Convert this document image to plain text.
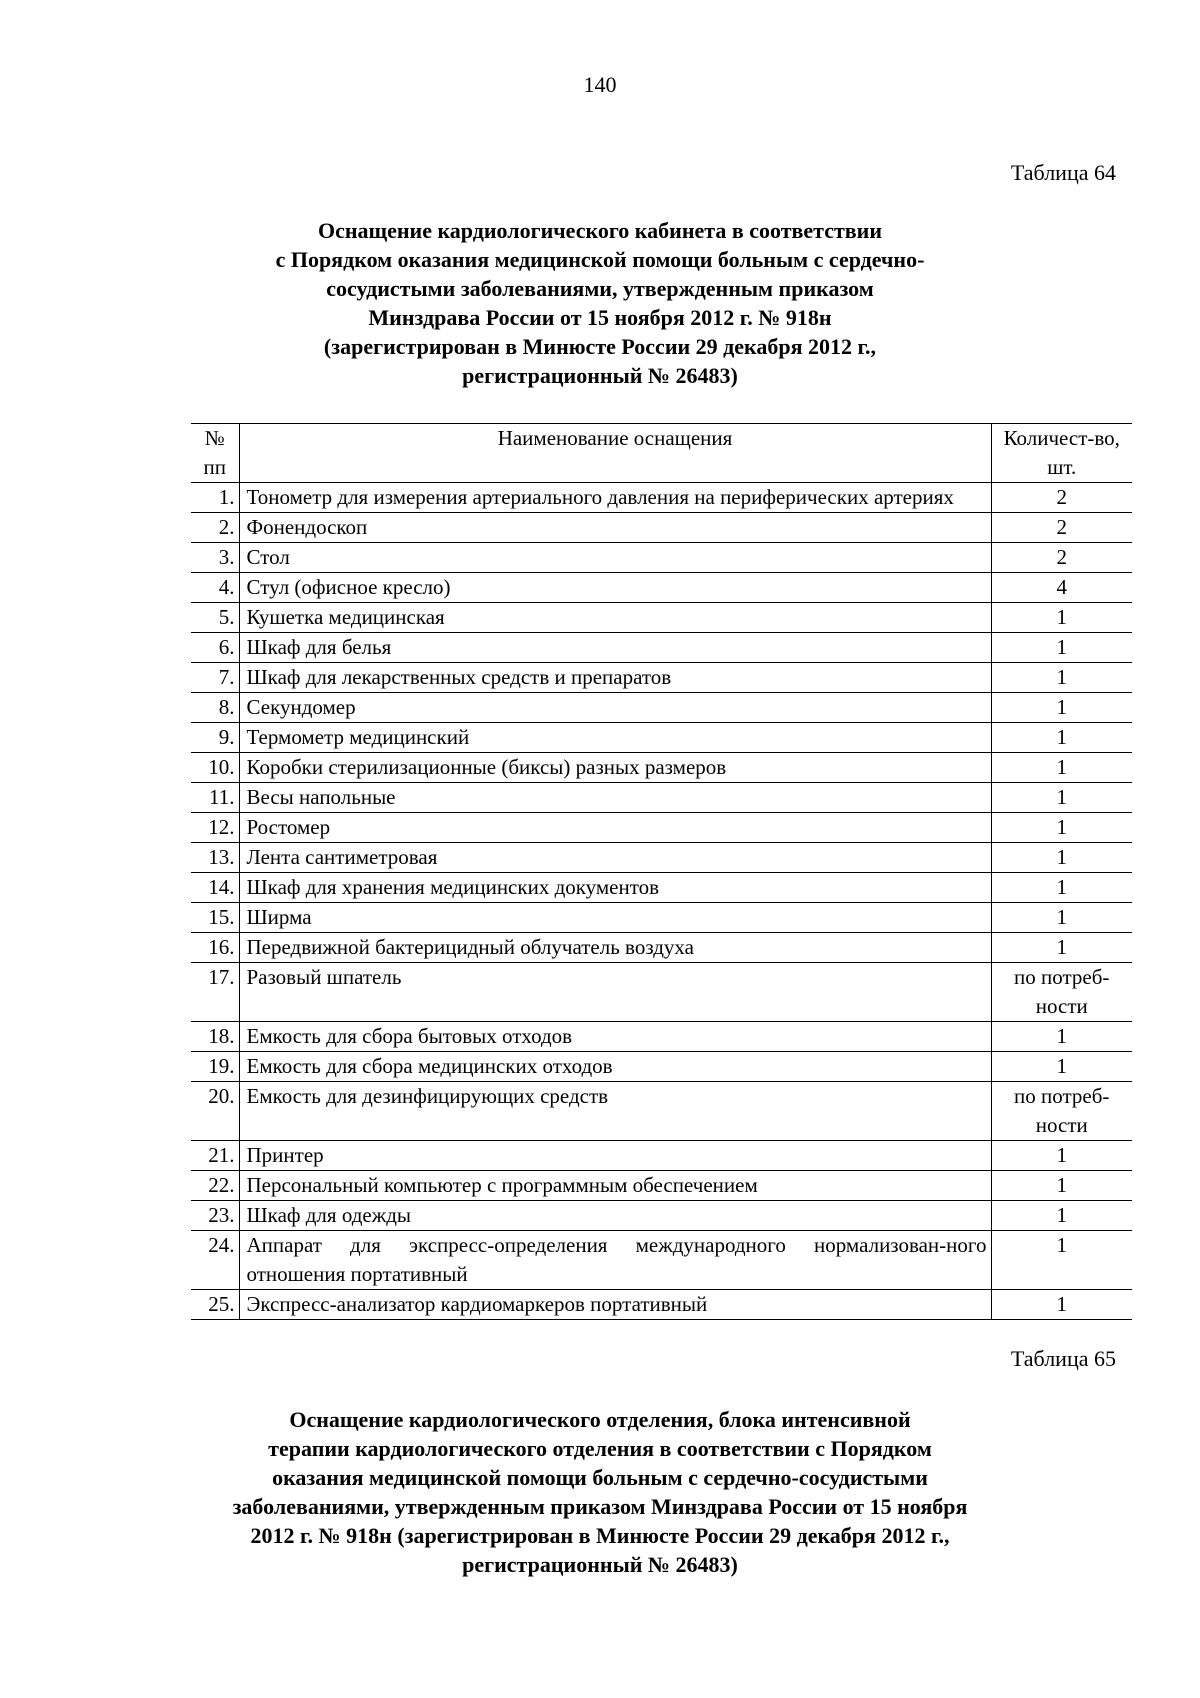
140
Таблица 64
Оснащение кардиологического кабинета в соответствии
с Порядком оказания медицинской помощи больным с сердечно-
сосудистыми заболеваниями, утвержденным приказом
Минздрава России от 15 ноября 2012 г. № 918н
(зарегистрирован в Минюсте России 29 декабря 2012 г.,
регистрационный № 26483)
№ пп	Наименование оснащения	Количест-во, шт.
1.	Тонометр для измерения артериального давления на периферических артериях	2
2.	Фонендоскоп	2
3.	Стол	2
4.	Стул (офисное кресло)	4
5.	Кушетка медицинская	1
6.	Шкаф для белья	1
7.	Шкаф для лекарственных средств и препаратов	1
8.	Секундомер	1
9.	Термометр медицинский	1
10.	Коробки стерилизационные (биксы) разных размеров	1
11.	Весы напольные	1
12.	Ростомер	1
13.	Лента сантиметровая	1
14.	Шкаф для хранения медицинских документов	1
15.	Ширма	1
16.	Передвижной бактерицидный облучатель воздуха	1
17.	Разовый шпатель	по потреб-ности
18.	Емкость для сбора бытовых отходов	1
19.	Емкость для сбора медицинских отходов	1
20.	Емкость для дезинфицирующих средств	по потреб-ности
21.	Принтер	1
22.	Персональный компьютер с программным обеспечением	1
23.	Шкаф для одежды	1
24.	Аппарат для экспресс-определения международного нормализован-ного отношения портативный	1
25.	Экспресс-анализатор кардиомаркеров портативный	1
Таблица 65
Оснащение кардиологического отделения, блока интенсивной
терапии кардиологического отделения в соответствии с Порядком
оказания медицинской помощи больным с сердечно-сосудистыми
заболеваниями, утвержденным приказом Минздрава России от 15 ноября
2012 г. № 918н (зарегистрирован в Минюсте России 29 декабря 2012 г.,
регистрационный № 26483)
